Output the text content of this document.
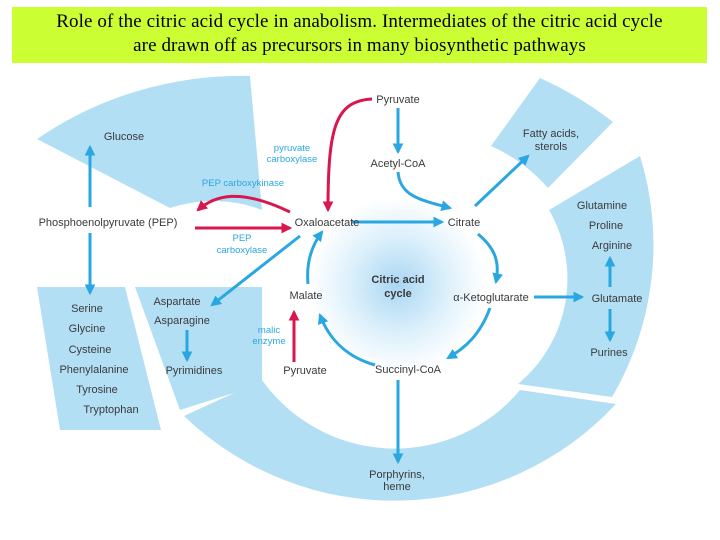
Role of the citric acid cycle in anabolism. Intermediates of the citric acid cycle
are drawn off as precursors in many biosynthetic pathways
Citric acid
cycle
Pyruvate
Acetyl-CoA
Oxaloacetate	Citrate
α-Ketoglutarate
Succinyl-CoA
Malate
Pyruvate
pyruvate
carboxylase
PEP carboxykinase
PEP
carboxylase
malic
enzyme
Glucose
Phosphoenolpyruvate (PEP)
Fatty acids,
sterols
Glutamine
Proline
Arginine
Glutamate
Purines
Serine
Glycine
Cysteine
Phenylalanine
Tyrosine
Tryptophan
Aspartate
Asparagine
Pyrimidines
Porphyrins,
heme
